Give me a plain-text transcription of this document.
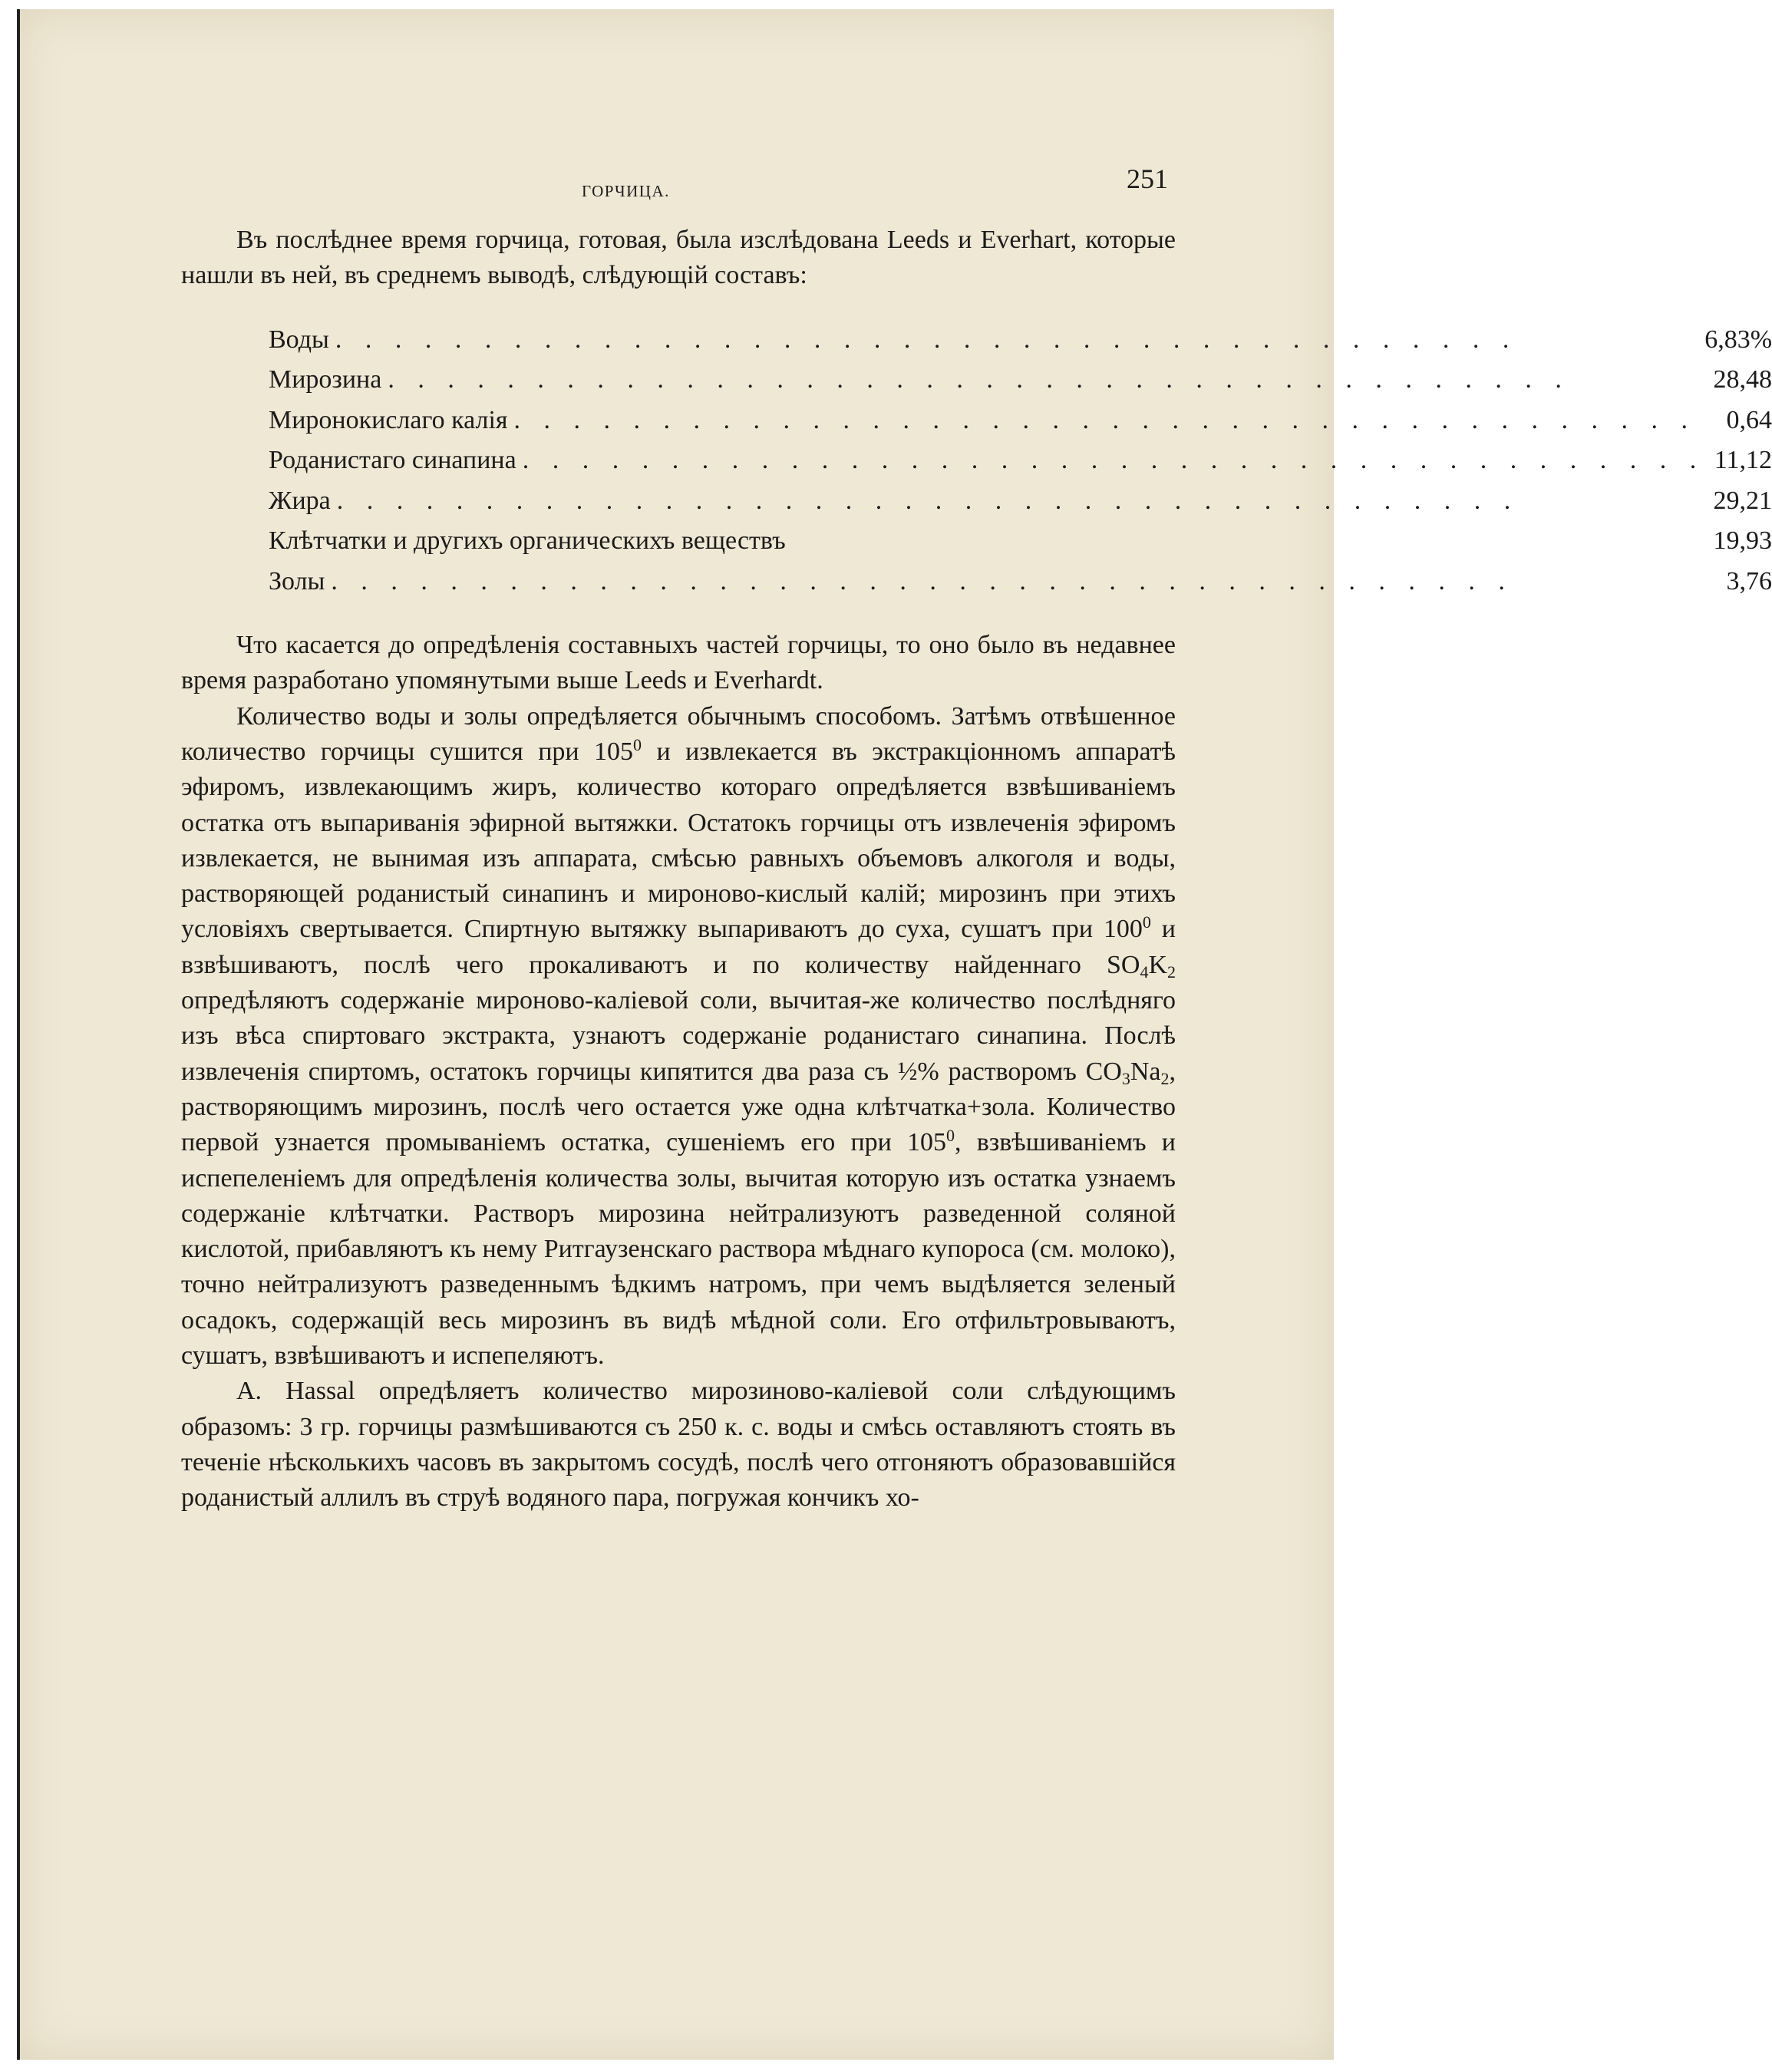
ГОРЧИЦА.	251

Въ послѣднее время горчица, готовая, была изслѣдована Leeds и Everhart, которые нашли въ ней, въ среднемъ выводѣ, слѣдующій составъ:

Воды . . . . . . . . . . . . . . . . . . . . . . . . . . . . . . . . . . . . . . . .	6,83%
Мирозина . . . . . . . . . . . . . . . . . . . . . . . . . . . . . . . . . . . . . . . .	28,48
Миронокислаго калія . . . . . . . . . . . . . . . . . . . . . . . . . . . . . . . . . . . . . . . .	0,64
Роданистаго синапина . . . . . . . . . . . . . . . . . . . . . . . . . . . . . . . . . . . . . . . .	11,12
Жира . . . . . . . . . . . . . . . . . . . . . . . . . . . . . . . . . . . . . . . .	29,21
Клѣтчатки и другихъ органическихъ веществъ	19,93
Золы . . . . . . . . . . . . . . . . . . . . . . . . . . . . . . . . . . . . . . . .	3,76

Что касается до опредѣленія составныхъ частей горчицы, то оно было въ недавнее время разработано упомянутыми выше Leeds и Everhardt.

Количество воды и золы опредѣляется обычнымъ способомъ. Затѣмъ отвѣшенное количество горчицы сушится при $105^0$ и извлекается въ экстракціонномъ аппаратѣ эфиромъ, извлекающимъ жиръ, количество котораго опредѣляется взвѣшиваніемъ остатка отъ выпариванія эфирной вытяжки. Остатокъ горчицы отъ извлеченія эфиромъ извлекается, не вынимая изъ аппарата, смѣсью равныхъ объемовъ алкоголя и воды, растворяющей роданистый синапинъ и мироново-кислый калій; мирозинъ при этихъ условіяхъ свертывается. Спиртную вытяжку выпариваютъ до суха, сушатъ при $100^0$ и взвѣшиваютъ, послѣ чего прокаливаютъ и по количеству найденнаго $SO_4K_2$ опредѣляютъ содержаніе мироново-каліевой соли, вычитая-же количество послѣдняго изъ вѣса спиртоваго экстракта, узнаютъ содержаніе роданистаго синапина. Послѣ извлеченія спиртомъ, остатокъ горчицы кипятится два раза съ ½% растворомъ $CO_3Na_2$, растворяющимъ мирозинъ, послѣ чего остается уже одна клѣтчатка+зола. Количество первой узнается промываніемъ остатка, сушеніемъ его при $105^0$, взвѣшиваніемъ и испепеленіемъ для опредѣленія количества золы, вычитая которую изъ остатка узнаемъ содержаніе клѣтчатки. Растворъ мирозина нейтрализуютъ разведенной соляной кислотой, прибавляютъ къ нему Ритгаузенскаго раствора мѣднаго купороса (см. молоко), точно нейтрализуютъ разведеннымъ ѣдкимъ натромъ, при чемъ выдѣляется зеленый осадокъ, содержащій весь мирозинъ въ видѣ мѣдной соли. Его отфильтровываютъ, сушатъ, взвѣшиваютъ и испепеляютъ.

A. Hassal опредѣляетъ количество мирозиново-каліевой соли слѣдующимъ образомъ: 3 гр. горчицы размѣшиваются съ 250 к. с. воды и смѣсь оставляютъ стоять въ теченіе нѣсколькихъ часовъ въ закрытомъ сосудѣ, послѣ чего отгоняютъ образовавшійся роданистый аллилъ въ струѣ водяного пара, погружая кончикъ хо-
